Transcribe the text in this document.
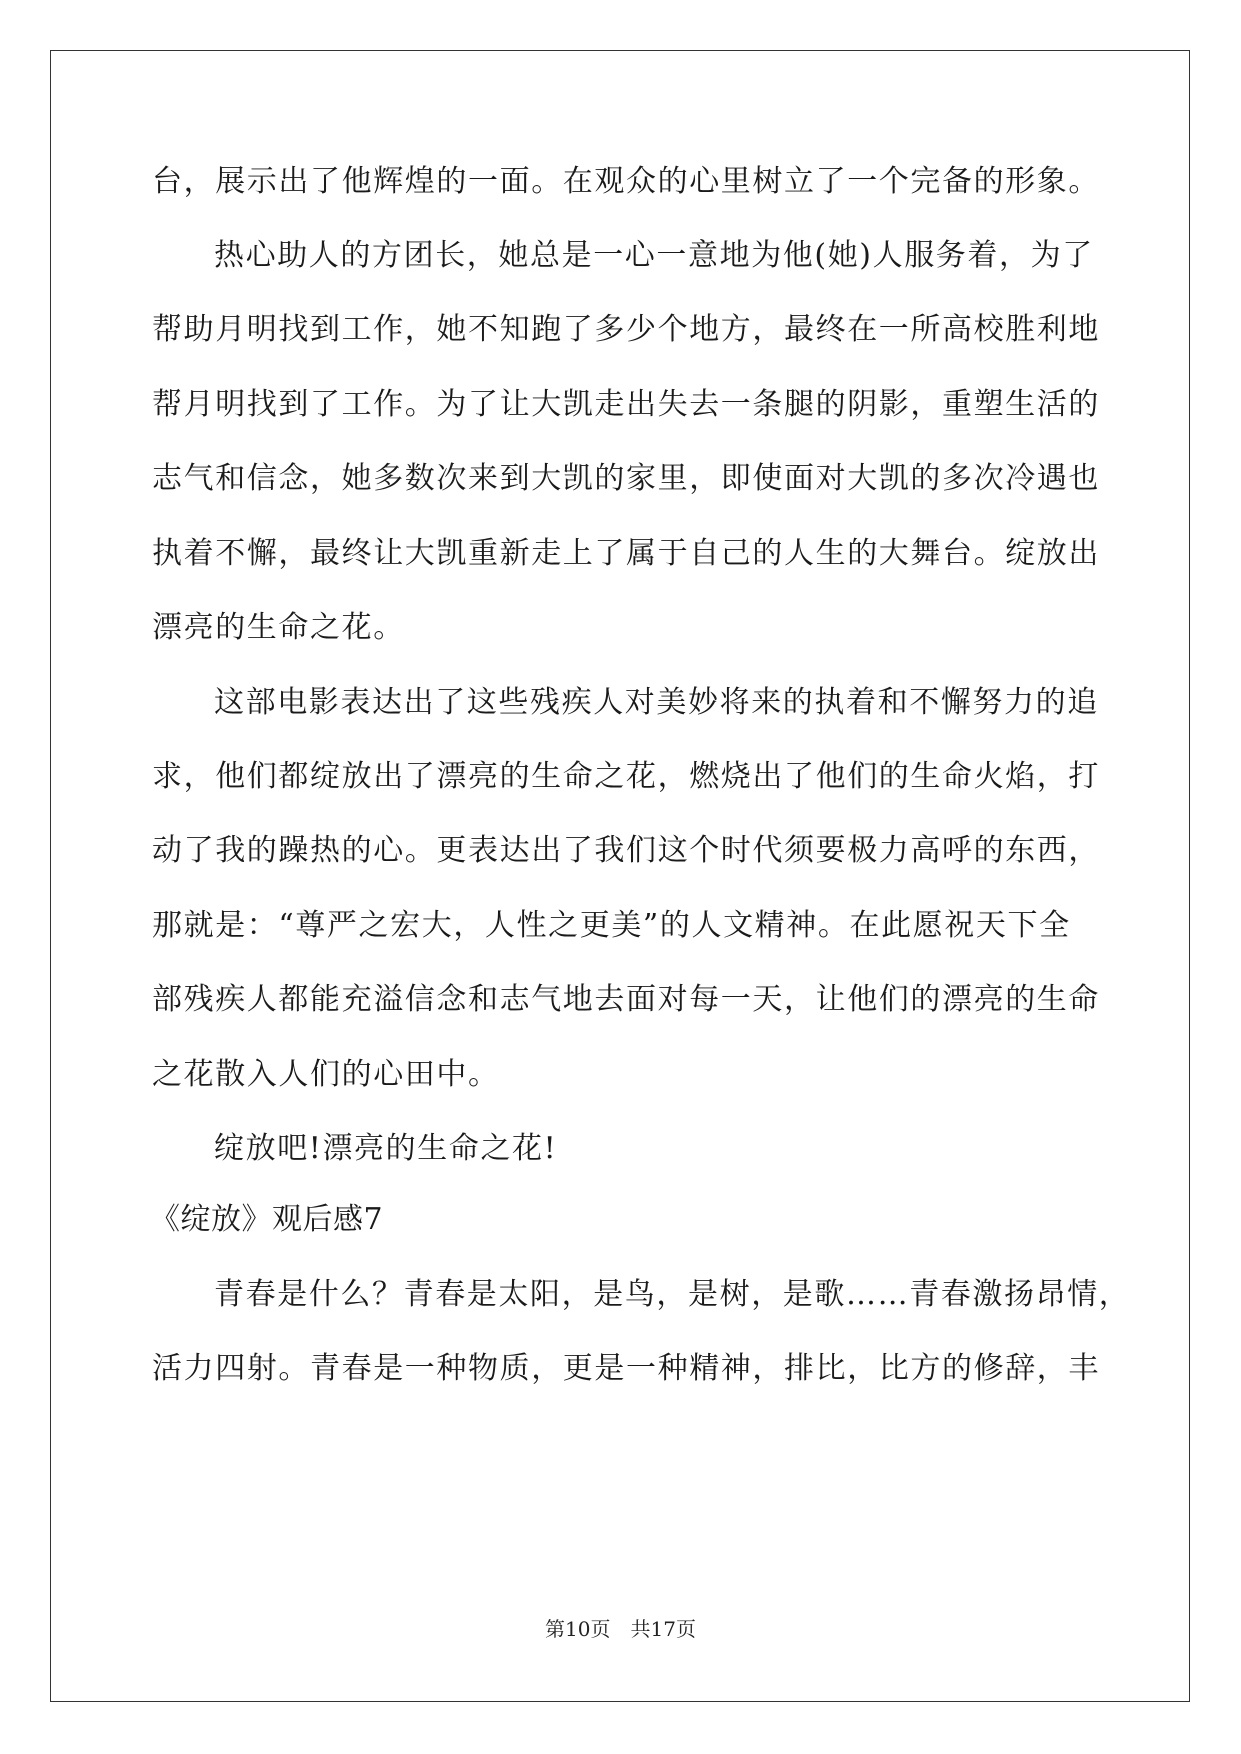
台，展示出了他辉煌的一面。在观众的心里树立了一个完备的形象。
热心助人的方团长，她总是一心一意地为他(她)人服务着，为了
帮助月明找到工作，她不知跑了多少个地方，最终在一所高校胜利地
帮月明找到了工作。为了让大凯走出失去一条腿的阴影，重塑生活的
志气和信念，她多数次来到大凯的家里，即使面对大凯的多次冷遇也
执着不懈，最终让大凯重新走上了属于自己的人生的大舞台。绽放出
漂亮的生命之花。
这部电影表达出了这些残疾人对美妙将来的执着和不懈努力的追
求，他们都绽放出了漂亮的生命之花，燃烧出了他们的生命火焰，打
动了我的躁热的心。更表达出了我们这个时代须要极力高呼的东西，
那就是：“尊严之宏大，人性之更美”的人文精神。在此愿祝天下全
部残疾人都能充溢信念和志气地去面对每一天，让他们的漂亮的生命
之花散入人们的心田中。
绽放吧!漂亮的生命之花!
《绽放》观后感7
青春是什么？青春是太阳，是鸟，是树，是歌……青春激扬昂情，
活力四射。青春是一种物质，更是一种精神，排比，比方的修辞，丰
第10页　共17页
